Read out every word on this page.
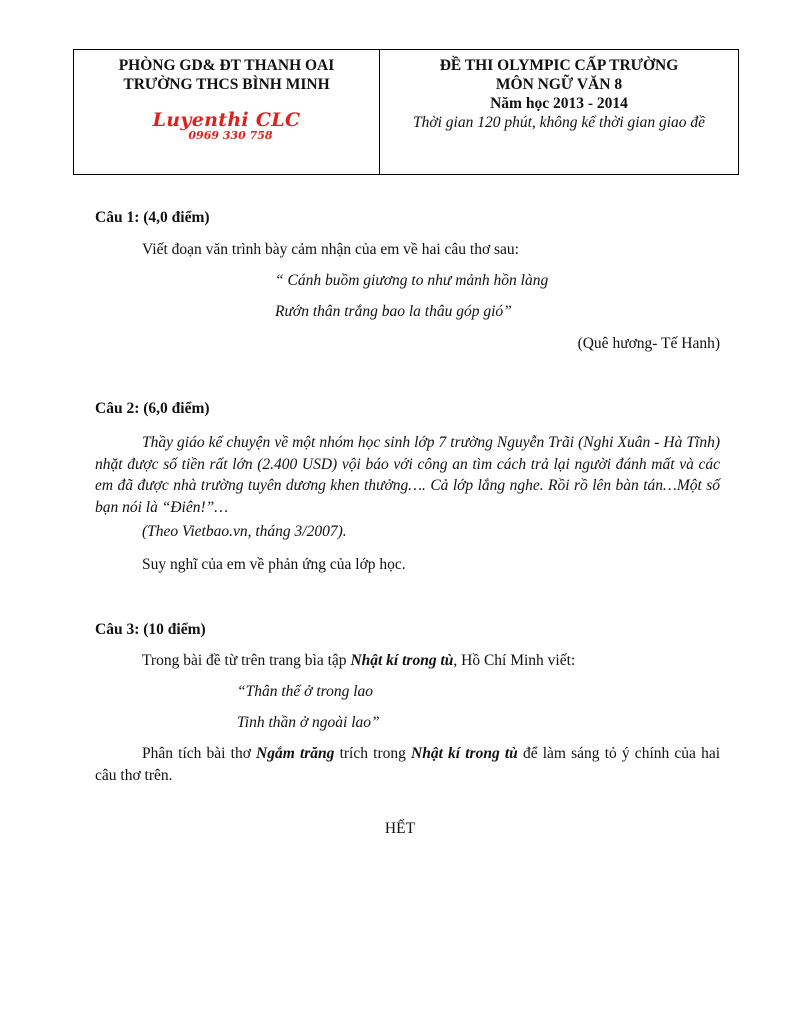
PHÒNG GD& ĐT THANH OAI
TRƯỜNG THCS BÌNH MINH
Luyenthi CLC
0969 330 758
ĐỀ THI OLYMPIC CẤP TRƯỜNG
MÔN NGỮ VĂN 8
Năm học 2013 - 2014
Thời gian 120 phút, không kể thời gian giao đề

Câu 1: (4,0 điểm)

Viết đoạn văn trình bày cảm nhận của em về hai câu thơ sau:

“ Cánh buồm giương to như mảnh hồn làng

Rướn thân trắng bao la thâu góp gió”

(Quê hương- Tế Hanh)

Câu 2: (6,0 điểm)

Thầy giáo kể chuyện về một nhóm học sinh lớp 7 trường Nguyễn Trãi (Nghi Xuân - Hà Tĩnh) nhặt được số tiền rất lớn (2.400 USD) vội báo với công an tìm cách trả lại người đánh mất và các em đã được nhà trường tuyên dương khen thưởng…. Cả lớp lắng nghe. Rồi rồ lên bàn tán…Một số bạn nói là “Điên!”…

(Theo Vietbao.vn, tháng 3/2007).

Suy nghĩ của em về phản ứng của lớp học.

Câu 3: (10 điểm)

Trong bài đề từ trên trang bìa tập Nhật kí trong tù, Hồ Chí Minh viết:

“Thân thể ở trong lao

Tinh thần ở ngoài lao”

Phân tích bài thơ Ngắm trăng trích trong Nhật kí trong tù để làm sáng tỏ ý chính của hai câu thơ trên.

HẾT
